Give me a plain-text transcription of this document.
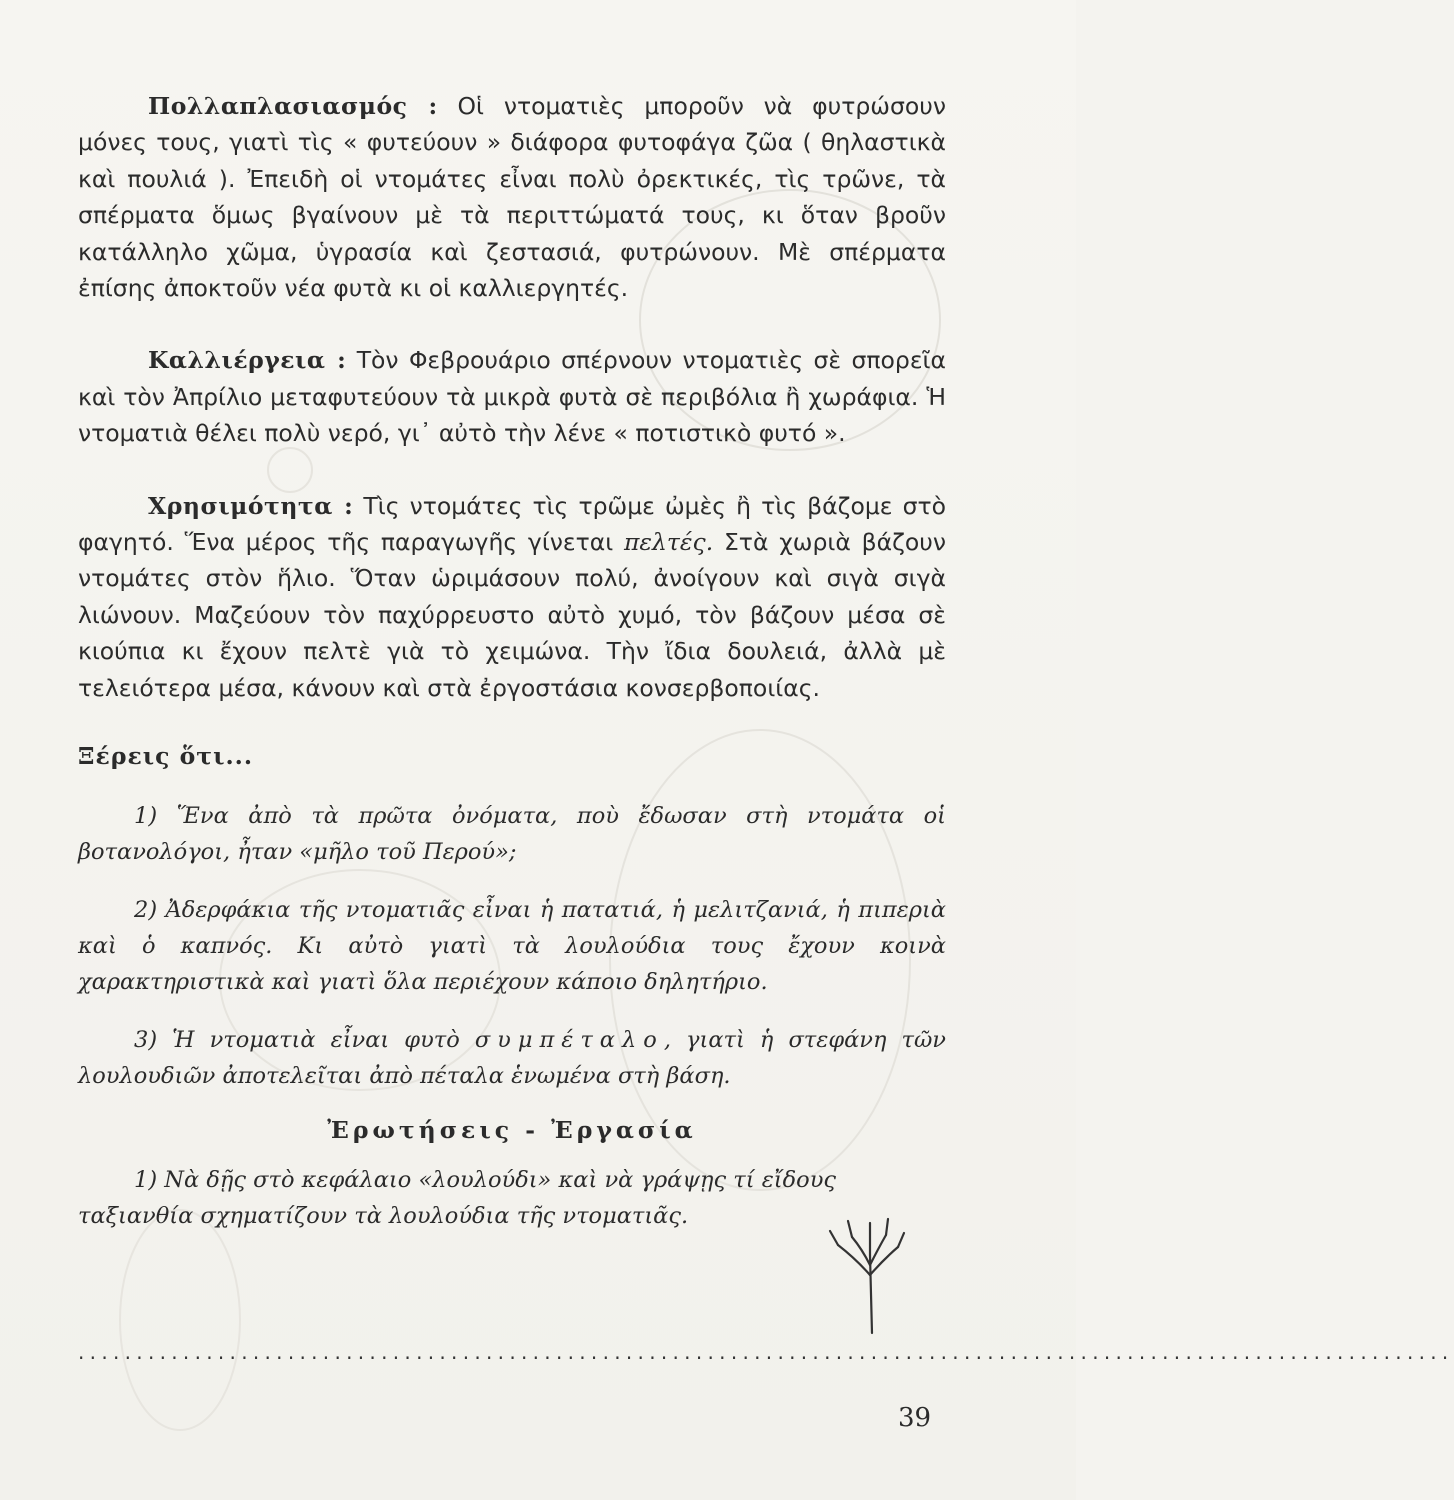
Πολλαπλασιασμός : Οἱ ντοματιὲς μποροῦν νὰ φυτρώσουν μόνες τους, γιατὶ τὶς « φυτεύουν » διάφορα φυτοφάγα ζῶα ( θηλαστικὰ καὶ πουλιά ). Ἐπειδὴ οἱ ντομάτες εἶναι πολὺ ὀρεκτικές, τὶς τρῶνε, τὰ σπέρματα ὅμως βγαίνουν μὲ τὰ περιττώματά τους, κι ὅταν βροῦν κατάλληλο χῶμα, ὑγρασία καὶ ζεστασιά, φυτρώνουν. Μὲ σπέρματα ἐπίσης ἀποκτοῦν νέα φυτὰ κι οἱ καλλιεργητές.

Καλλιέργεια : Τὸν Φεβρουάριο σπέρνουν ντοματιὲς σὲ σπορεῖα καὶ τὸν Ἀπρίλιο μεταφυτεύουν τὰ μικρὰ φυτὰ σὲ περιβόλια ἢ χωράφια. Ἡ ντοματιὰ θέλει πολὺ νερό, γι᾿ αὐτὸ τὴν λένε « ποτιστικὸ φυτό ».

Χρησιμότητα : Τὶς ντομάτες τὶς τρῶμε ὠμὲς ἢ τὶς βάζομε στὸ φαγητό. Ἕνα μέρος τῆς παραγωγῆς γίνεται πελτές. Στὰ χωριὰ βάζουν ντομάτες στὸν ἥλιο. Ὅταν ὡριμάσουν πολύ, ἀνοίγουν καὶ σιγὰ σιγὰ λιώνουν. Μαζεύουν τὸν παχύρρευστο αὐτὸ χυμό, τὸν βάζουν μέσα σὲ κιούπια κι ἔχουν πελτὲ γιὰ τὸ χειμώνα. Τὴν ἴδια δουλειά, ἀλλὰ μὲ τελειότερα μέσα, κάνουν καὶ στὰ ἐργοστάσια κονσερβοποιίας.

Ξέρεις ὅτι...

1) Ἕνα ἀπὸ τὰ πρῶτα ὀνόματα, ποὺ ἔδωσαν στὴ ντομάτα οἱ βοτανολόγοι, ἦταν «μῆλο τοῦ Περού»;

2) Ἀδερφάκια τῆς ντοματιᾶς εἶναι ἡ πατατιά, ἡ μελιτζανιά, ἡ πιπεριὰ καὶ ὁ καπνός. Κι αὐτὸ γιατὶ τὰ λουλούδια τους ἔχουν κοινὰ χαρακτηριστικὰ καὶ γιατὶ ὅλα περιέχουν κάποιο δηλητήριο.

3) Ἡ ντοματιὰ εἶναι φυτὸ συμπέταλο, γιατὶ ἡ στεφάνη τῶν λουλουδιῶν ἀποτελεῖται ἀπὸ πέταλα ἑνωμένα στὴ βάση.

Ἐρωτήσεις - Ἐργασία

1) Νὰ δῇς στὸ κεφάλαιο «λουλούδι» καὶ νὰ γράψῃς τί εἴδους ταξιανθία σχηματίζουν τὰ λουλούδια τῆς ντοματιᾶς.

......................................................................................................................
39
